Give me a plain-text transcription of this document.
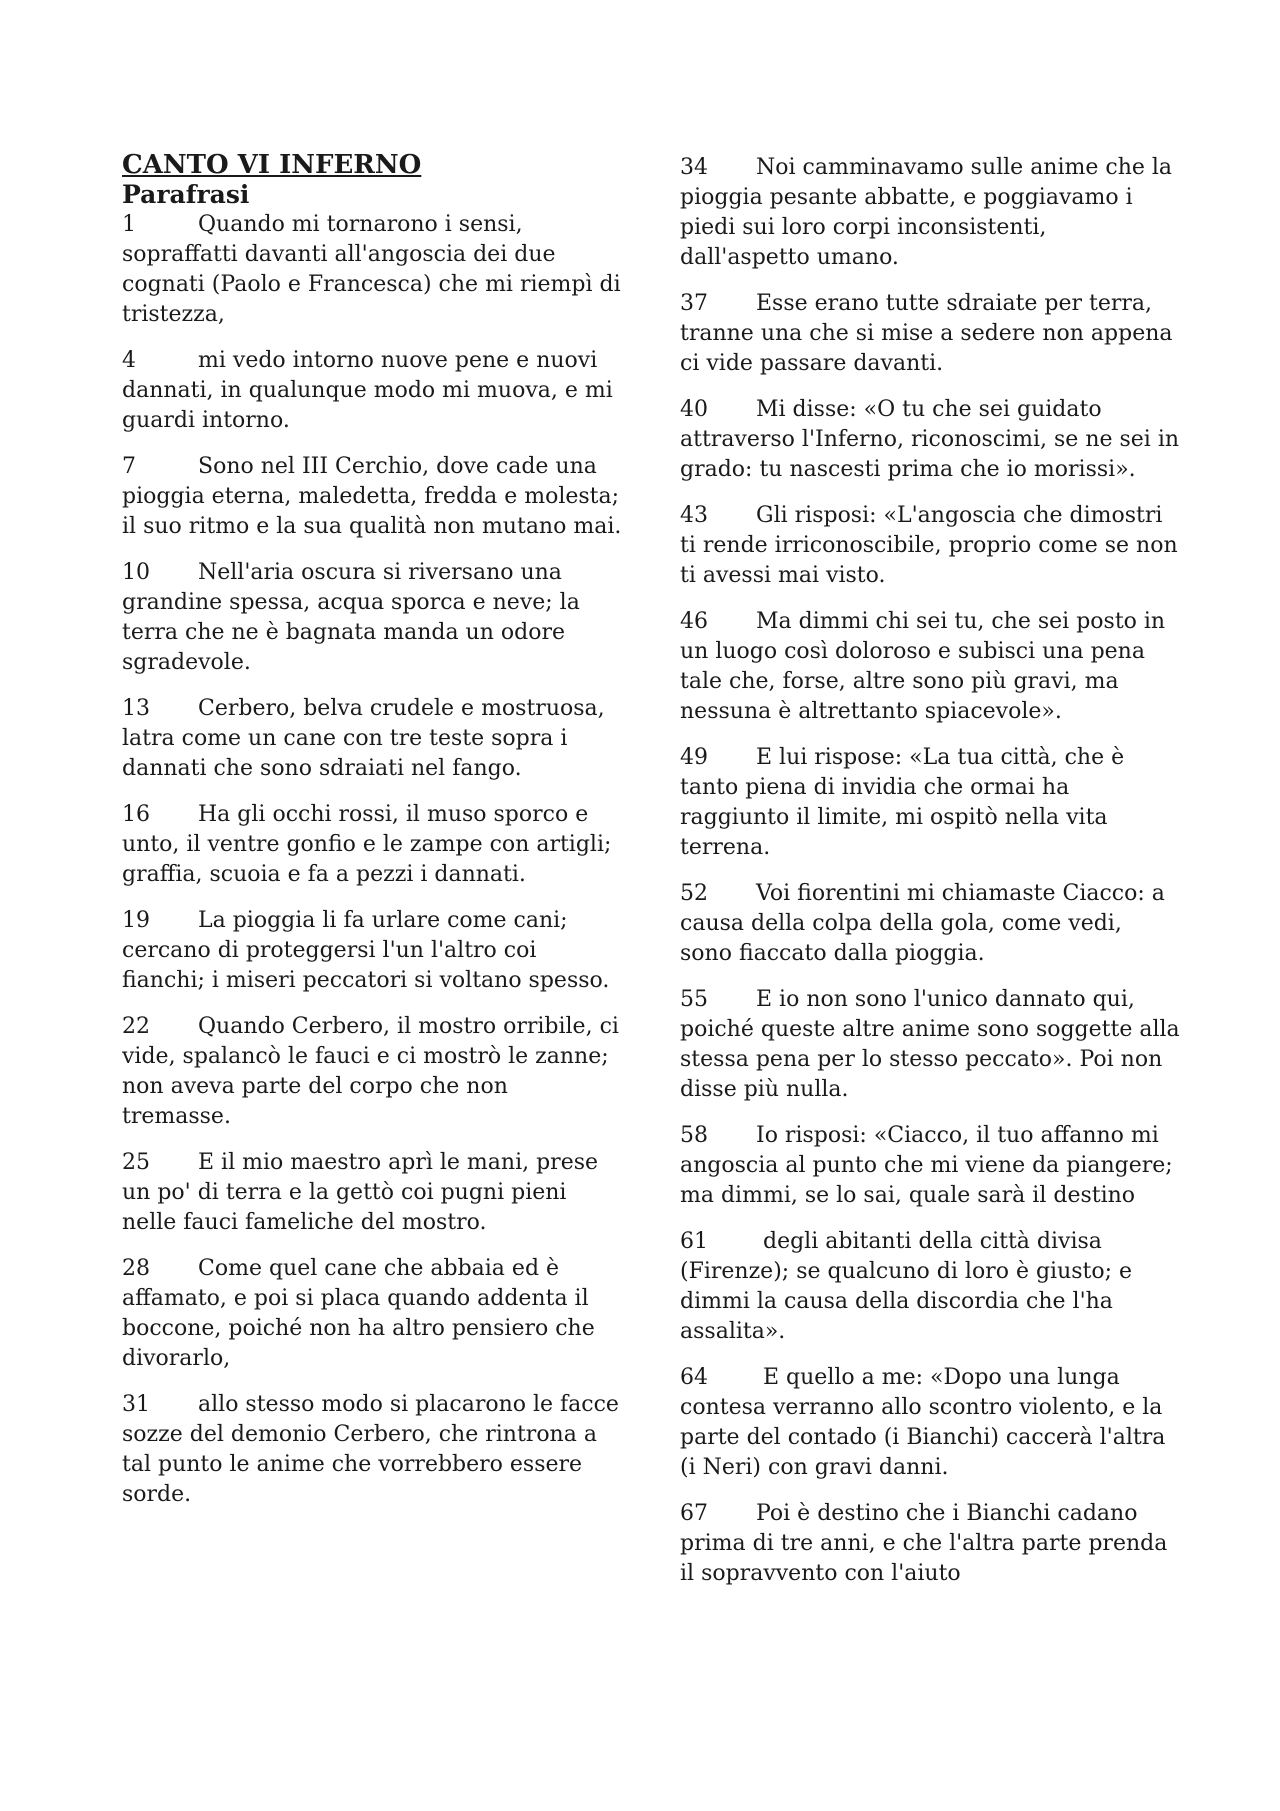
CANTO VI INFERNO
Parafrasi

1	Quando mi tornarono i sensi, sopraffatti davanti all'angoscia dei due cognati (Paolo e Francesca) che mi riempì di tristezza,

4	mi vedo intorno nuove pene e nuovi dannati, in qualunque modo mi muova, e mi guardi intorno.

7	Sono nel III Cerchio, dove cade una pioggia eterna, maledetta, fredda e molesta; il suo ritmo e la sua qualità non mutano mai.

10 Nell'aria oscura si riversano una grandine spessa, acqua sporca e neve; la terra che ne è bagnata manda un odore sgradevole.

13 Cerbero, belva crudele e mostruosa, latra come un cane con tre teste sopra i dannati che sono sdraiati nel fango.

16 Ha gli occhi rossi, il muso sporco e unto, il ventre gonfio e le zampe con artigli; graffia, scuoia e fa a pezzi i dannati.

19 La pioggia li fa urlare come cani; cercano di proteggersi l'un l'altro coi fianchi; i miseri peccatori si voltano spesso.

22 Quando Cerbero, il mostro orribile, ci vide, spalancò le fauci e ci mostrò le zanne; non aveva parte del corpo che non tremasse.

25 E il mio maestro aprì le mani, prese un po' di terra e la gettò coi pugni pieni nelle fauci fameliche del mostro.

28 Come quel cane che abbaia ed è affamato, e poi si placa quando addenta il boccone, poiché non ha altro pensiero che divorarlo,

31 allo stesso modo si placarono le facce sozze del demonio Cerbero, che rintrona a tal punto le anime che vorrebbero essere sorde.

34 Noi camminavamo sulle anime che la pioggia pesante abbatte, e poggiavamo i piedi sui loro corpi inconsistenti, dall'aspetto umano.

37 Esse erano tutte sdraiate per terra, tranne una che si mise a sedere non appena ci vide passare davanti.

40 Mi disse: «O tu che sei guidato attraverso l'Inferno, riconoscimi, se ne sei in grado: tu nascesti prima che io morissi».

43 Gli risposi: «L'angoscia che dimostri ti rende irriconoscibile, proprio come se non ti avessi mai visto.

46 Ma dimmi chi sei tu, che sei posto in un luogo così doloroso e subisci una pena tale che, forse, altre sono più gravi, ma nessuna è altrettanto spiacevole».

49 E lui rispose: «La tua città, che è tanto piena di invidia che ormai ha raggiunto il limite, mi ospitò nella vita terrena.

52 Voi fiorentini mi chiamaste Ciacco: a causa della colpa della gola, come vedi, sono fiaccato dalla pioggia.

55 E io non sono l'unico dannato qui, poiché queste altre anime sono soggette alla stessa pena per lo stesso peccato». Poi non disse più nulla.

58 Io risposi: «Ciacco, il tuo affanno mi angoscia al punto che mi viene da piangere; ma dimmi, se lo sai, quale sarà il destino

61 degli abitanti della città divisa (Firenze); se qualcuno di loro è giusto; e dimmi la causa della discordia che l'ha assalita».

64 E quello a me: «Dopo una lunga contesa verranno allo scontro violento, e la parte del contado (i Bianchi) caccerà l'altra (i Neri) con gravi danni.

67 Poi è destino che i Bianchi cadano prima di tre anni, e che l'altra parte prenda il sopravvento con l'aiuto
